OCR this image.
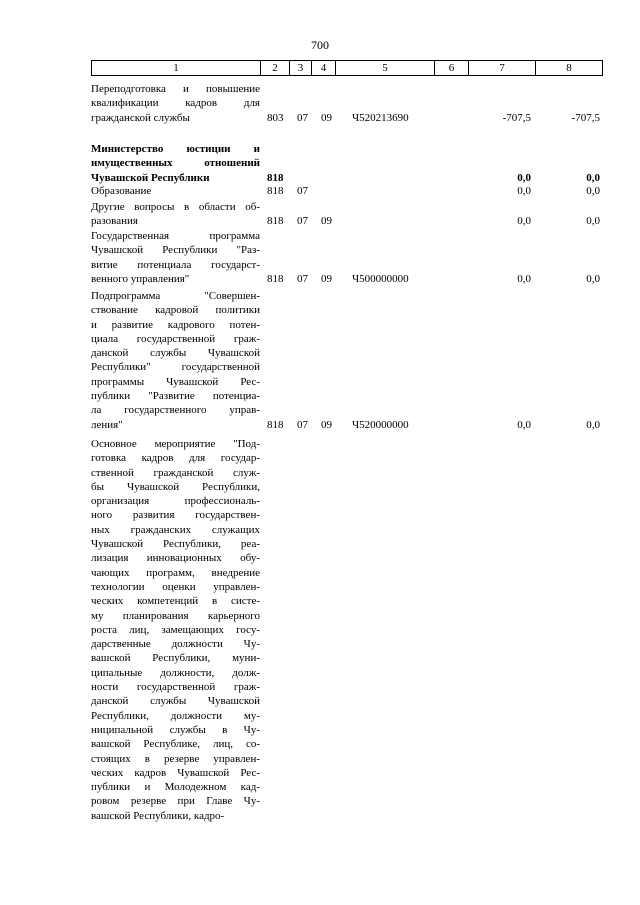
700
1	2	3	4	5	6	7	8
Переподготовка и повышение
квалификации кадров для
гражданской службы	803 07 09 Ч520213690	-707,5	-707,5
Министерство юстиции и
имущественных отношений
Чувашской Республики	818	0,0	0,0
Образование	818 07	0,0	0,0
Другие вопросы в области об-
разования	818 07 09	0,0	0,0
Государственная программа
Чувашской Республики "Раз-
витие потенциала государст-
венного управления"	818 07 09 Ч500000000	0,0	0,0
Подпрограмма "Совершен-
ствование кадровой политики
и развитие кадрового потен-
циала государственной граж-
данской службы Чувашской
Республики" государственной
программы Чувашской Рес-
публики "Развитие потенциа-
ла государственного управ-
ления"	818 07 09 Ч520000000	0,0	0,0
Основное мероприятие "Под-
готовка кадров для государ-
ственной гражданской служ-
бы Чувашской Республики,
организация профессиональ-
ного развития государствен-
ных гражданских служащих
Чувашской Республики, реа-
лизация инновационных обу-
чающих программ, внедрение
технологии оценки управлен-
ческих компетенций в систе-
му планирования карьерного
роста лиц, замещающих госу-
дарственные должности Чу-
вашской Республики, муни-
ципальные должности, долж-
ности государственной граж-
данской службы Чувашской
Республики, должности му-
ниципальной службы в Чу-
вашской Республике, лиц, со-
стоящих в резерве управлен-
ческих кадров Чувашской Рес-
публики и Молодежном кад-
ровом резерве при Главе Чу-
вашской Республики, кадро-
